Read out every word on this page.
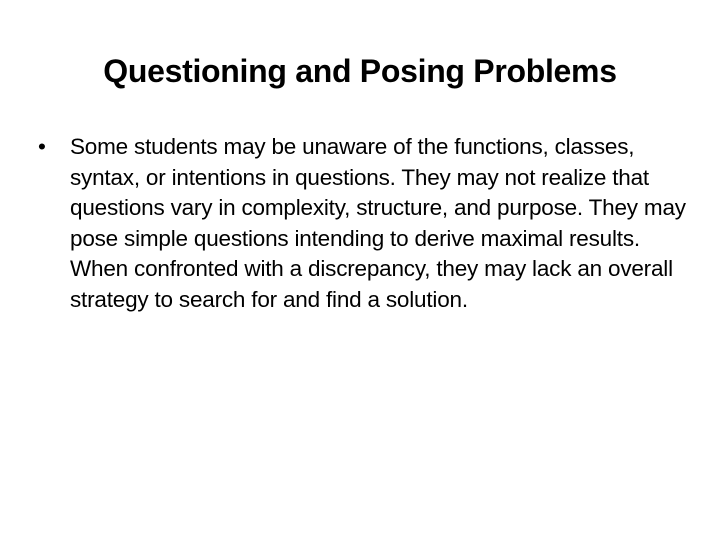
Questioning and Posing Problems
•	Some students may be unaware of the functions, classes, syntax, or intentions in questions. They may not realize that questions vary in complexity, structure, and purpose. They may pose simple questions intending to derive maximal results. When confronted with a discrepancy, they may lack an overall strategy to search for and find a solution.
